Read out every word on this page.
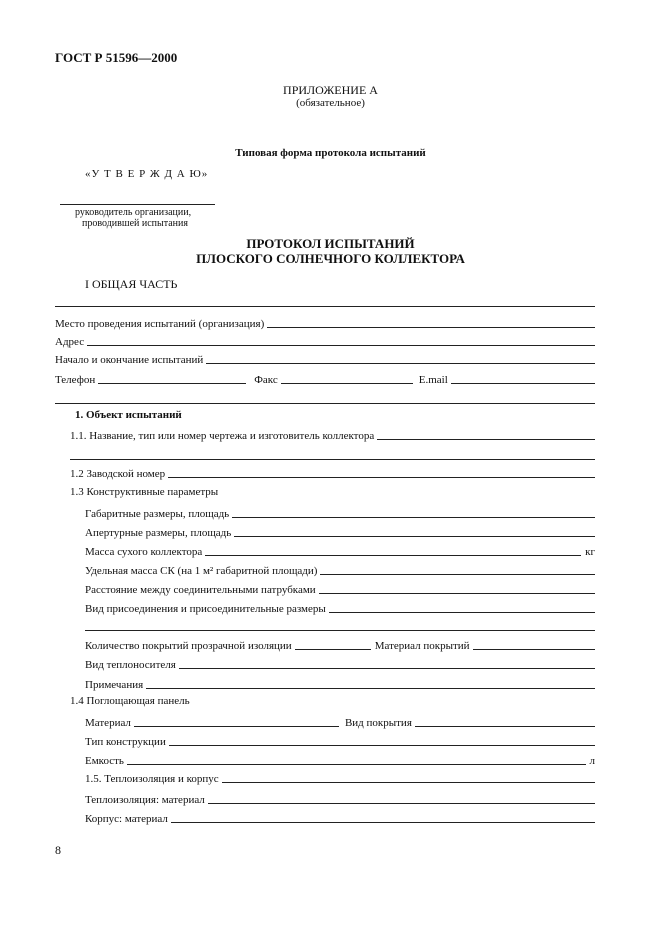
ГОСТ Р 51596—2000
ПРИЛОЖЕНИЕ А
(обязательное)
Типовая форма протокола испытаний
«У Т В Е Р Ж Д А Ю»
руководитель организации,
проводившей испытания
ПРОТОКОЛ ИСПЫТАНИЙ
ПЛОСКОГО СОЛНЕЧНОГО КОЛЛЕКТОРА
I ОБЩАЯ ЧАСТЬ
Место проведения испытаний (организация)
Адрес
Начало и окончание испытаний
Телефон	Факс	E.mail
1. Объект испытаний
1.1. Название, тип или номер чертежа и изготовитель коллектора
1.2 Заводской номер
1.3 Конструктивные параметры
Габаритные размеры, площадь
Апертурные размеры, площадь
Масса сухого коллектора	кг
Удельная масса СК (на 1 м² габаритной площади)
Расстояние между соединительными патрубками
Вид присоединения и присоединительные размеры
Количество покрытий прозрачной изоляции	Материал покрытий
Вид теплоносителя
Примечания
1.4 Поглощающая панель
Материал	Вид покрытия
Тип конструкции
Емкость	л
1.5. Теплоизоляция и корпус
Теплоизоляция: материал
Корпус: материал
8
